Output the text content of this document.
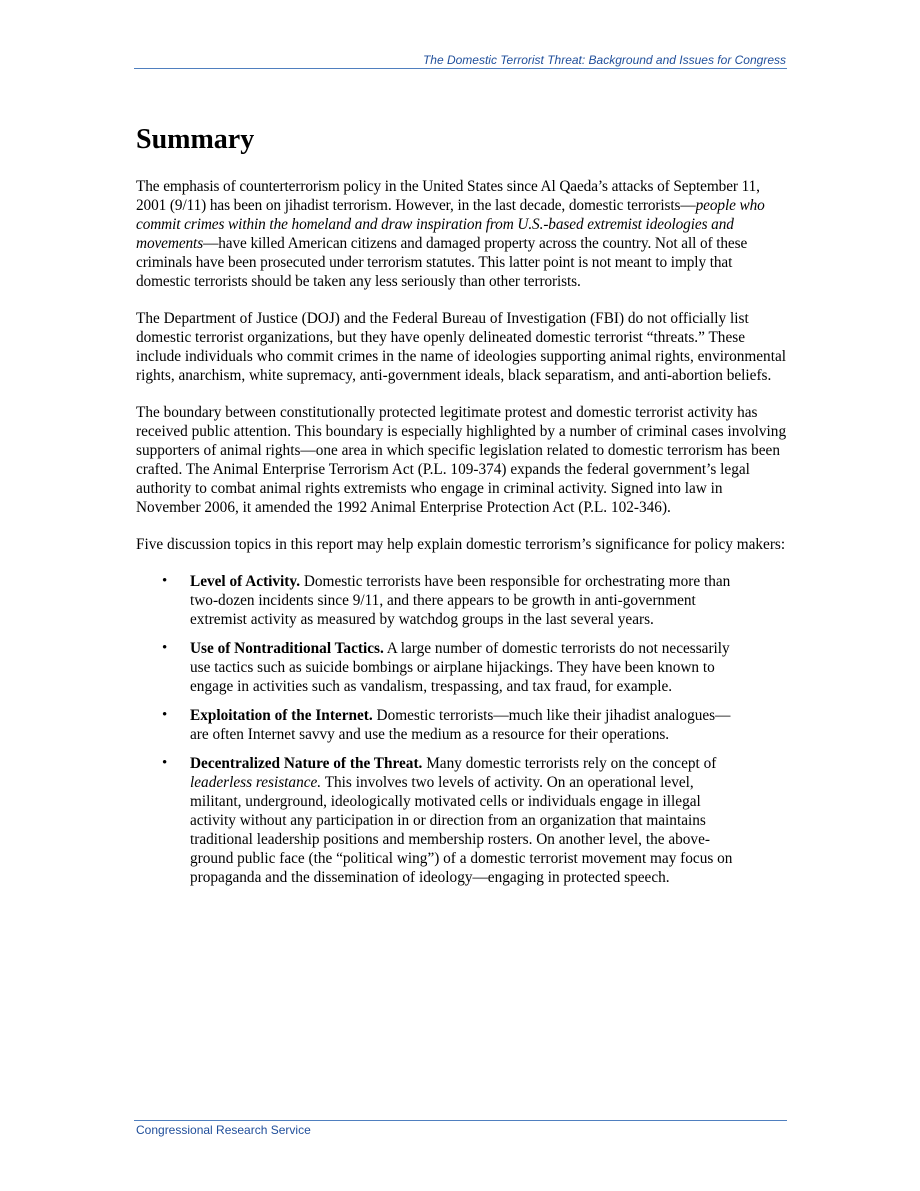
The Domestic Terrorist Threat: Background and Issues for Congress
Summary

The emphasis of counterterrorism policy in the United States since Al Qaeda’s attacks of September 11, 2001 (9/11) has been on jihadist terrorism. However, in the last decade, domestic terrorists—people who commit crimes within the homeland and draw inspiration from U.S.-based extremist ideologies and movements—have killed American citizens and damaged property across the country. Not all of these criminals have been prosecuted under terrorism statutes. This latter point is not meant to imply that domestic terrorists should be taken any less seriously than other terrorists.

The Department of Justice (DOJ) and the Federal Bureau of Investigation (FBI) do not officially list domestic terrorist organizations, but they have openly delineated domestic terrorist “threats.” These include individuals who commit crimes in the name of ideologies supporting animal rights, environmental rights, anarchism, white supremacy, anti-government ideals, black separatism, and anti-abortion beliefs.

The boundary between constitutionally protected legitimate protest and domestic terrorist activity has received public attention. This boundary is especially highlighted by a number of criminal cases involving supporters of animal rights—one area in which specific legislation related to domestic terrorism has been crafted. The Animal Enterprise Terrorism Act (P.L. 109-374) expands the federal government’s legal authority to combat animal rights extremists who engage in criminal activity. Signed into law in November 2006, it amended the 1992 Animal Enterprise Protection Act (P.L. 102-346).

Five discussion topics in this report may help explain domestic terrorism’s significance for policy makers:

• Level of Activity. Domestic terrorists have been responsible for orchestrating more than two-dozen incidents since 9/11, and there appears to be growth in anti-government extremist activity as measured by watchdog groups in the last several years.
• Use of Nontraditional Tactics. A large number of domestic terrorists do not necessarily use tactics such as suicide bombings or airplane hijackings. They have been known to engage in activities such as vandalism, trespassing, and tax fraud, for example.
• Exploitation of the Internet. Domestic terrorists—much like their jihadist analogues—are often Internet savvy and use the medium as a resource for their operations.
• Decentralized Nature of the Threat. Many domestic terrorists rely on the concept of leaderless resistance. This involves two levels of activity. On an operational level, militant, underground, ideologically motivated cells or individuals engage in illegal activity without any participation in or direction from an organization that maintains traditional leadership positions and membership rosters. On another level, the above-ground public face (the “political wing”) of a domestic terrorist movement may focus on propaganda and the dissemination of ideology—engaging in protected speech.
Congressional Research Service
